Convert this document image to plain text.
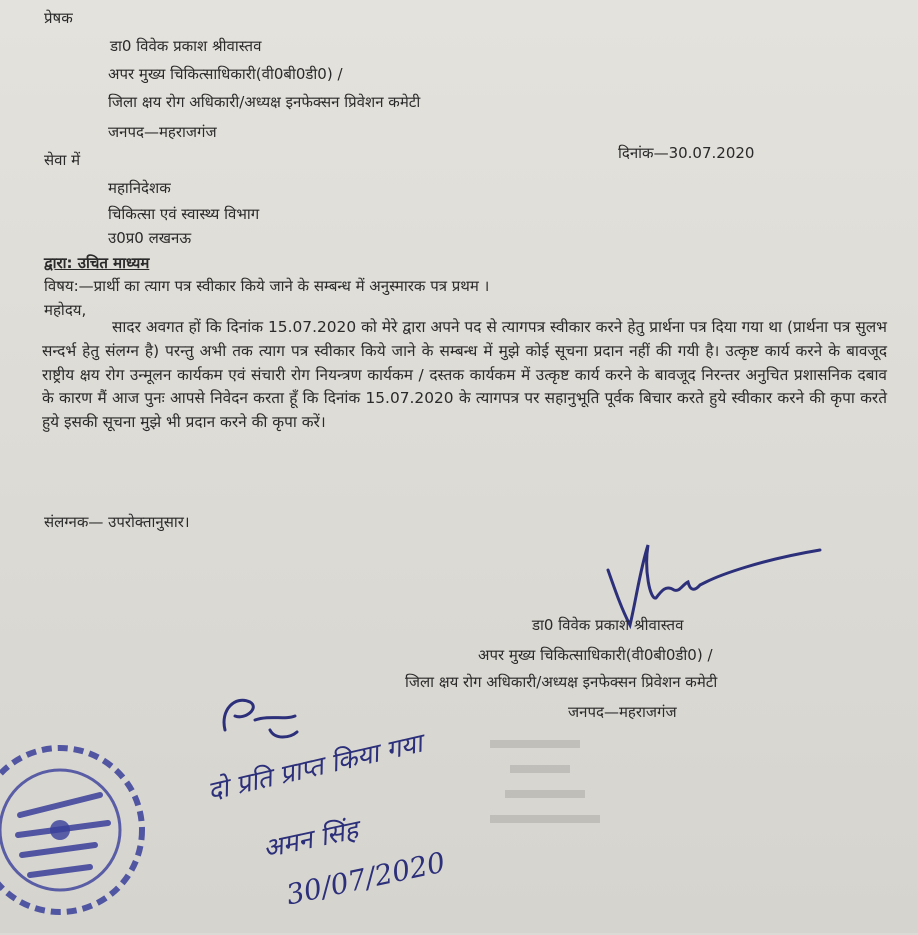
प्रेषक
डा0 विवेक प्रकाश श्रीवास्तव
अपर मुख्य चिकित्साधिकारी(वी0बी0डी0) /
जिला क्षय रोग अधिकारी/अध्यक्ष इनफेक्सन प्रिवेशन कमेटी
जनपद—महराजगंज
दिनांक—30.07.2020
सेवा में
महानिदेशक
चिकित्सा एवं स्वास्थ्य विभाग
उ0प्र0 लखनऊ
द्वारा: उचित माध्यम
विषय:—प्रार्थी का त्याग पत्र स्वीकार किये जाने के सम्बन्ध में अनुस्मारक पत्र प्रथम ।
महोदय,
सादर अवगत हों कि दिनांक 15.07.2020 को मेरे द्वारा अपने पद से त्यागपत्र स्वीकार करने हेतु प्रार्थना पत्र दिया गया था (प्रार्थना पत्र सुलभ सन्दर्भ हेतु संलग्न है) परन्तु अभी तक त्याग पत्र स्वीकार किये जाने के सम्बन्ध में मुझे कोई सूचना प्रदान नहीं की गयी है। उत्कृष्ट कार्य करने के बावजूद राष्ट्रीय क्षय रोग उन्मूलन कार्यकम एवं संचारी रोग नियन्त्रण कार्यकम / दस्तक कार्यकम में उत्कृष्ट कार्य करने के बावजूद निरन्तर अनुचित प्रशासनिक दबाव के कारण मैं आज पुनः आपसे निवेदन करता हूँ कि दिनांक 15.07.2020 के त्यागपत्र पर सहानुभूति पूर्वक बिचार करते हुये स्वीकार करने की कृपा करते हुये इसकी सूचना मुझे भी प्रदान करने की कृपा करें।
संलग्नक— उपरोक्तानुसार।
डा0 विवेक प्रकाश श्रीवास्तव
अपर मुख्य चिकित्साधिकारी(वी0बी0डी0) /
जिला क्षय रोग अधिकारी/अध्यक्ष इनफेक्सन प्रिवेशन कमेटी
जनपद—महराजगंज
दो प्रति प्राप्त किया गया
अमन सिंह
30/07/2020
